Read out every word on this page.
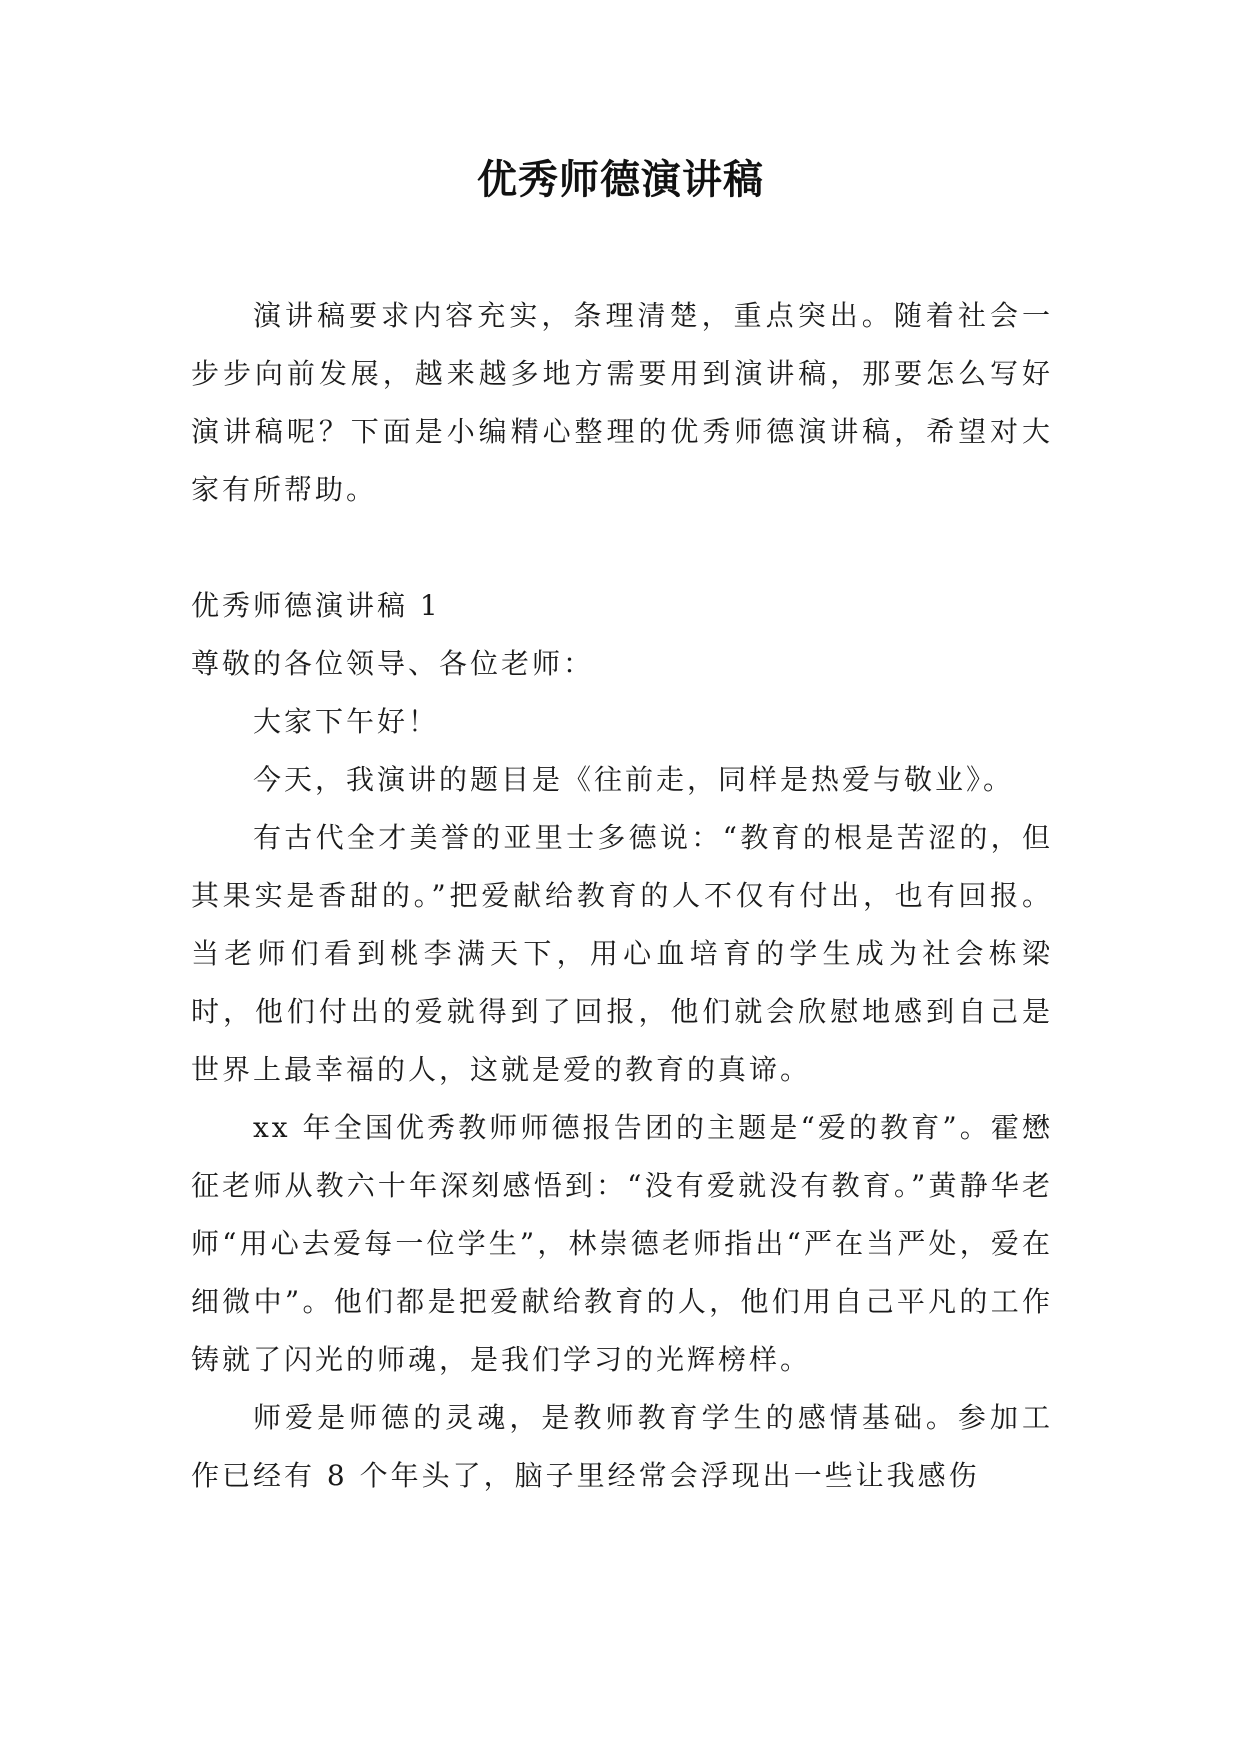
优秀师德演讲稿

演讲稿要求内容充实，条理清楚，重点突出。随着社会一步步向前发展，越来越多地方需要用到演讲稿，那要怎么写好演讲稿呢？下面是小编精心整理的优秀师德演讲稿，希望对大家有所帮助。

优秀师德演讲稿 1

尊敬的各位领导、各位老师：

大家下午好！

今天，我演讲的题目是《往前走，同样是热爱与敬业》。

有古代全才美誉的亚里士多德说：“教育的根是苦涩的，但其果实是香甜的。”把爱献给教育的人不仅有付出，也有回报。当老师们看到桃李满天下，用心血培育的学生成为社会栋梁时，他们付出的爱就得到了回报，他们就会欣慰地感到自己是世界上最幸福的人，这就是爱的教育的真谛。

xx 年全国优秀教师师德报告团的主题是“爱的教育”。霍懋征老师从教六十年深刻感悟到：“没有爱就没有教育。”黄静华老师“用心去爱每一位学生”，林崇德老师指出“严在当严处，爱在细微中”。他们都是把爱献给教育的人，他们用自己平凡的工作铸就了闪光的师魂，是我们学习的光辉榜样。

师爱是师德的灵魂，是教师教育学生的感情基础。参加工作已经有 8 个年头了，脑子里经常会浮现出一些让我感伤
